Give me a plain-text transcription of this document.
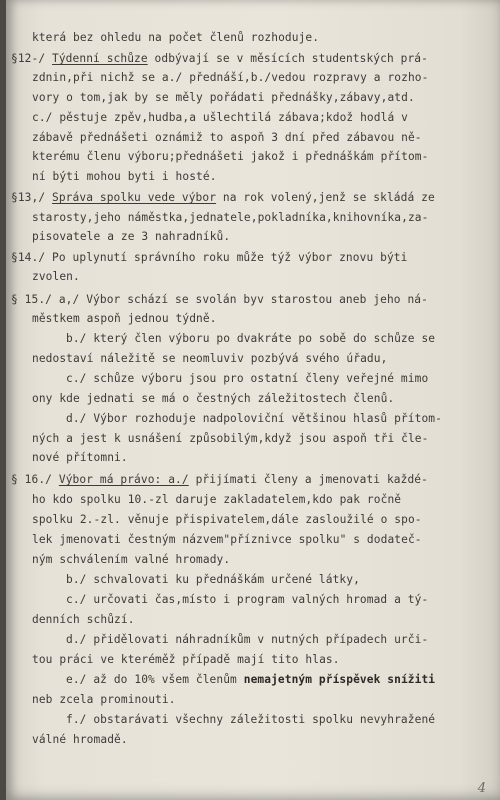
která bez ohledu na počet členů rozhoduje.
§12-/ Týdenní schůze odbývají se v měsících studentských prá-
zdnin,při nichž se a./ přednáší,b./vedou rozpravy a rozho-
vory o tom,jak by se měly pořádati přednášky,zábavy,atd.
c./ pěstuje zpěv,hudba,a ušlechtilá zábava;kdož hodlá v
zábavě přednášeti oznámiž to aspoň 3 dní před zábavou ně-
kterému členu výboru;přednášeti jakož i přednáškám přítom-
ní býti mohou byti i hosté.
§13,/ Správa spolku vede výbor na rok volený,jenž se skládá ze
starosty,jeho náměstka,jednatele,pokladníka,knihovníka,za-
pisovatele a ze 3 nahradníků.
§14./ Po uplynutí správního roku může týž výbor znovu býti
zvolen.
§ 15./ a,/ Výbor schází se svolán byv starostou aneb jeho ná-
městkem aspoň jednou týdně.
b./ který člen výboru po dvakráte po sobě do schůze se
nedostaví náležitě se neomluviv pozbývá svého úřadu,
c./ schůze výboru jsou pro ostatní členy veřejné mimo
ony kde jednati se má o čestných záležitostech členů.
d./ Výbor rozhoduje nadpoloviční většinou hlasů přítom-
ných a jest k usnášení způsobilým,když jsou aspoň tři čle-
nové přítomni.
§ 16./ Výbor má právo: a./ přijímati členy a jmenovati každé-
ho kdo spolku 10.-zl daruje zakladatelem,kdo pak ročně
spolku 2.-zl. věnuje přispivatelem,dále zasloužilé o spo-
lek jmenovati čestným názvem"příznivce spolku" s dodateč-
ným schválením valné hromady.
b./ schvalovati ku přednáškám určené látky,
c./ určovati čas,místo i program valných hromad a tý-
denních schůzí.
d./ přidělovati náhradníkům v nutných případech urči-
tou práci ve kteréměž případě mají tito hlas.
e./ až do 10% všem členům nemajetným příspěvek snížiti
neb zcela prominouti.
f./ obstarávati všechny záležitosti spolku nevyhražené
válné hromadě.
4
